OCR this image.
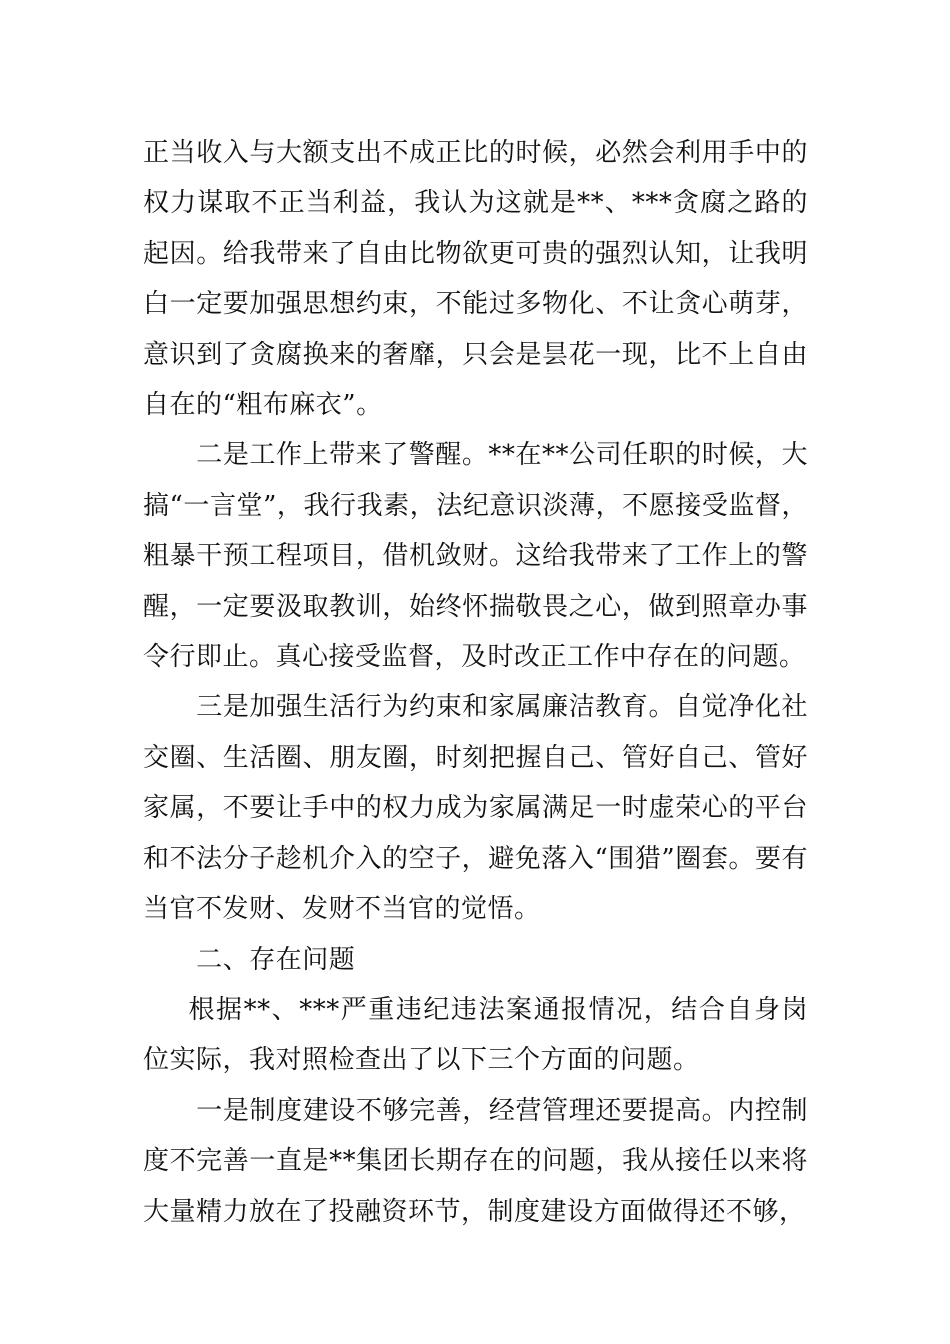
正当收入与大额支出不成正比的时候，必然会利用手中的权力谋取不正当利益，我认为这就是**、***贪腐之路的起因。给我带来了自由比物欲更可贵的强烈认知，让我明白一定要加强思想约束，不能过多物化、不让贪心萌芽，意识到了贪腐换来的奢靡，只会是昙花一现，比不上自由自在的“粗布麻衣”。

二是工作上带来了警醒。**在**公司任职的时候，大搞“一言堂”，我行我素，法纪意识淡薄，不愿接受监督，粗暴干预工程项目，借机敛财。这给我带来了工作上的警醒，一定要汲取教训，始终怀揣敬畏之心，做到照章办事令行即止。真心接受监督，及时改正工作中存在的问题。

三是加强生活行为约束和家属廉洁教育。自觉净化社交圈、生活圈、朋友圈，时刻把握自己、管好自己、管好家属，不要让手中的权力成为家属满足一时虚荣心的平台和不法分子趁机介入的空子，避免落入“围猎”圈套。要有当官不发财、发财不当官的觉悟。

二、存在问题

根据**、***严重违纪违法案通报情况，结合自身岗位实际，我对照检查出了以下三个方面的问题。

一是制度建设不够完善，经营管理还要提高。内控制度不完善一直是**集团长期存在的问题，我从接任以来将大量精力放在了投融资环节，制度建设方面做得还不够，
